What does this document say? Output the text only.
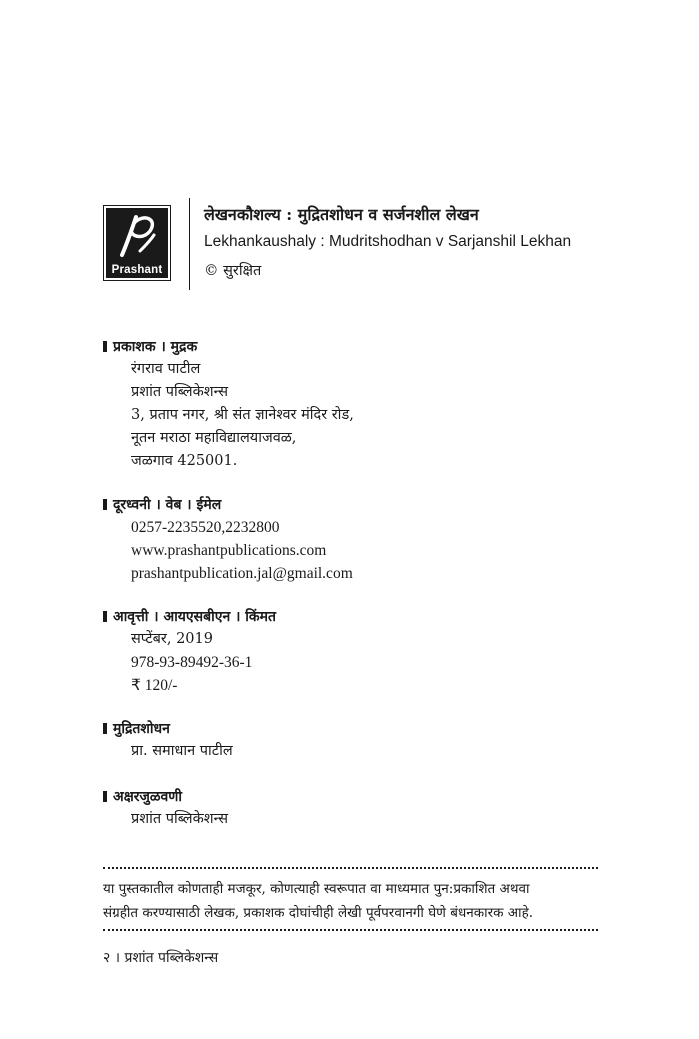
Prashant
लेखनकौशल्य : मुद्रितशोधन व सर्जनशील लेखन
Lekhankaushaly : Mudritshodhan v Sarjanshil Lekhan
© सुरक्षित
प्रकाशक । मुद्रक
रंगराव पाटील
प्रशांत पब्लिकेशन्स
3, प्रताप नगर, श्री संत ज्ञानेश्वर मंदिर रोड,
नूतन मराठा महाविद्यालयाजवळ,
जळगाव 425001.
दूरध्वनी । वेब । ईमेल
0257-2235520,2232800
www.prashantpublications.com
prashantpublication.jal@gmail.com
आवृत्ती । आयएसबीएन । किंमत
सप्टेंबर, 2019
978-93-89492-36-1
₹ 120/-
मुद्रितशोधन
प्रा. समाधान पाटील
अक्षरजुळवणी
प्रशांत पब्लिकेशन्स
या पुस्तकातील कोणताही मजकूर, कोणत्याही स्वरूपात वा माध्यमात पुन:प्रकाशित अथवा
संग्रहीत करण्यासाठी लेखक, प्रकाशक दोघांचीही लेखी पूर्वपरवानगी घेणे बंधनकारक आहे.
२ । प्रशांत पब्लिकेशन्स
